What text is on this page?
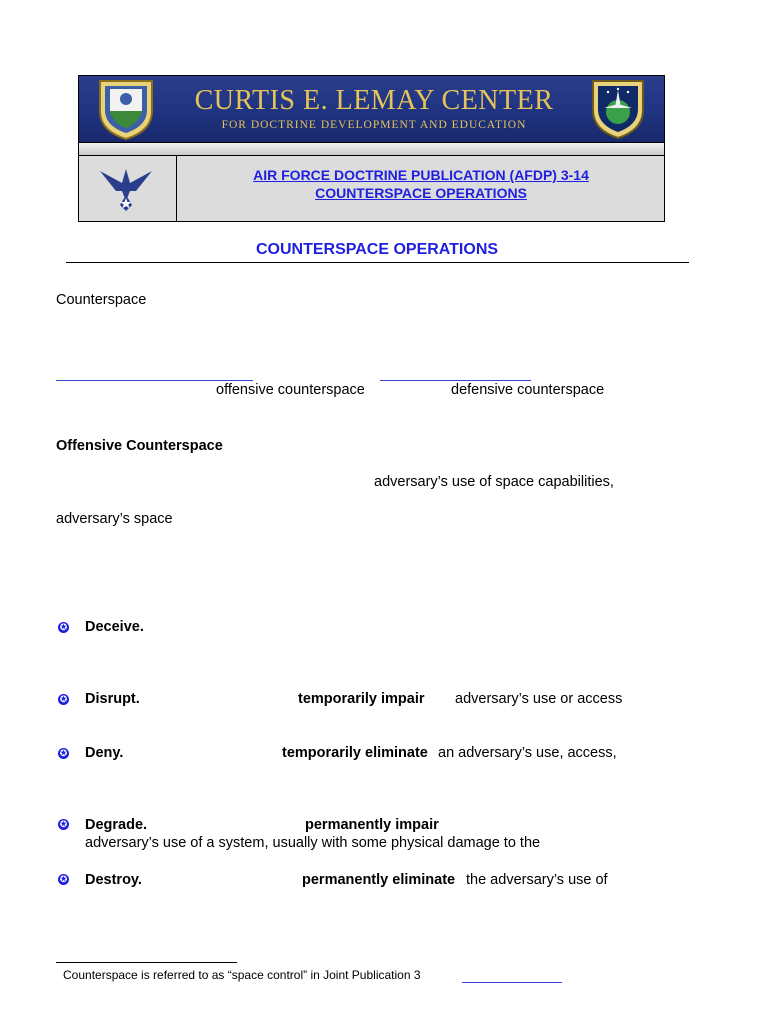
CURTIS E. LEMAY CENTER
FOR DOCTRINE DEVELOPMENT AND EDUCATION
AIR FORCE DOCTRINE PUBLICATION (AFDP) 3-14
COUNTERSPACE OPERATIONS
COUNTERSPACE OPERATIONS
Counterspace
offensive counterspace	defensive counterspace
Offensive Counterspace
adversary’s use of space capabilities,
adversary’s space
✪ Deceive.
✪ Disrupt.	temporarily impair adversary’s use or access
✪ Deny.	temporarily eliminate an adversary’s use, access,
✪ Degrade.	permanently impair
adversary’s use of a system, usually with some physical damage to the
✪ Destroy.	permanently eliminate the adversary’s use of
Counterspace is referred to as “space control” in Joint Publication 3
